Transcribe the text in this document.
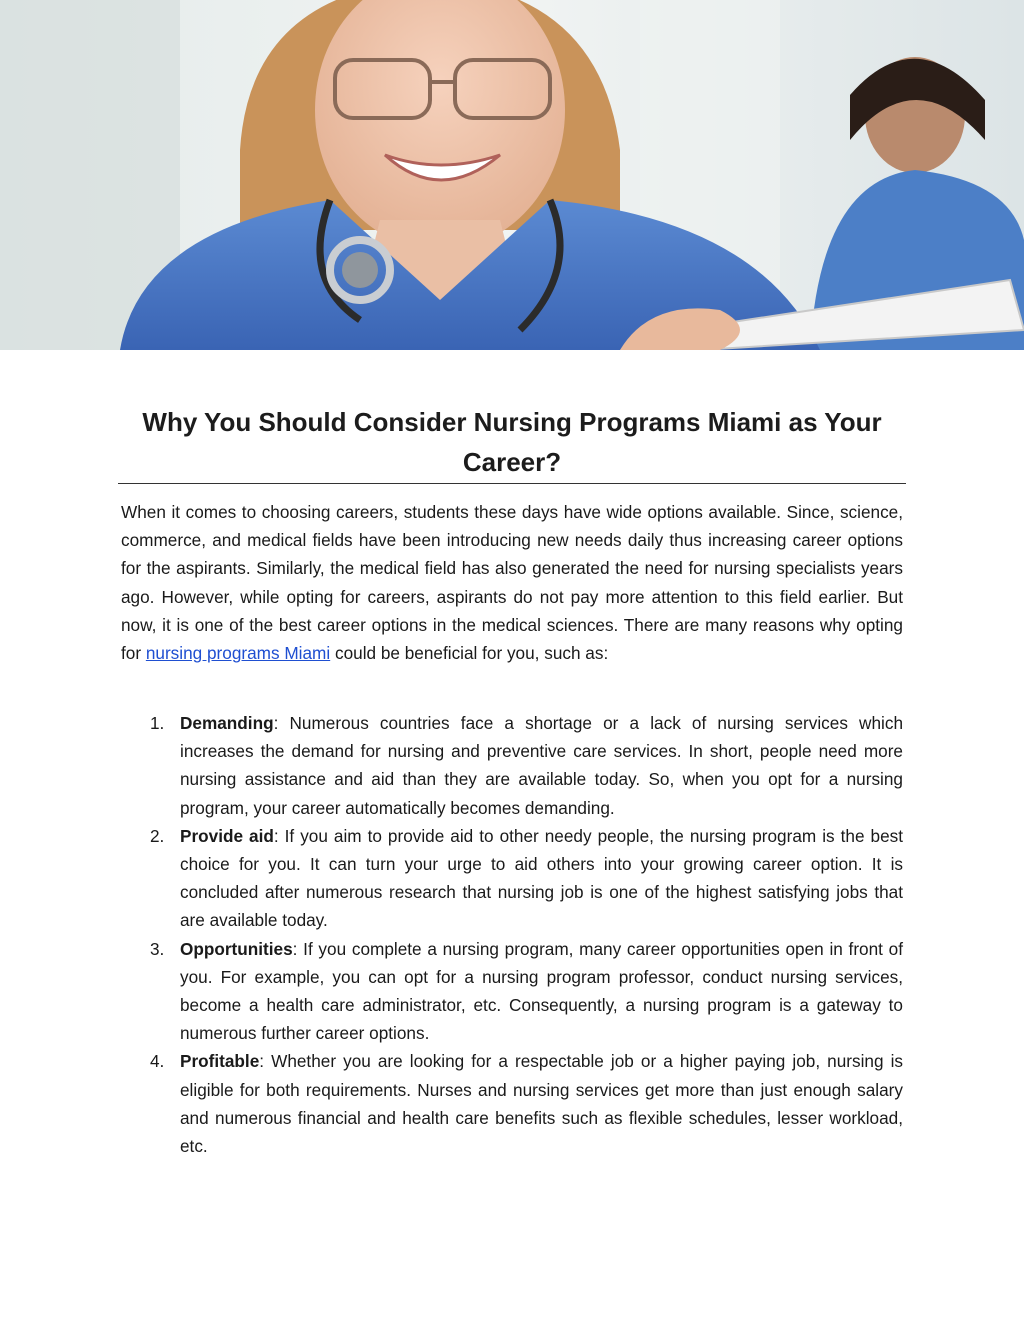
Why You Should Consider Nursing Programs Miami as Your Career?

When it comes to choosing careers, students these days have wide options available. Since, science, commerce, and medical fields have been introducing new needs daily thus increasing career options for the aspirants. Similarly, the medical field has also generated the need for nursing specialists years ago. However, while opting for careers, aspirants do not pay more attention to this field earlier. But now, it is one of the best career options in the medical sciences. There are many reasons why opting for nursing programs Miami could be beneficial for you, such as:

1. Demanding: Numerous countries face a shortage or a lack of nursing services which increases the demand for nursing and preventive care services. In short, people need more nursing assistance and aid than they are available today. So, when you opt for a nursing program, your career automatically becomes demanding.
2. Provide aid: If you aim to provide aid to other needy people, the nursing program is the best choice for you. It can turn your urge to aid others into your growing career option. It is concluded after numerous research that nursing job is one of the highest satisfying jobs that are available today.
3. Opportunities: If you complete a nursing program, many career opportunities open in front of you. For example, you can opt for a nursing program professor, conduct nursing services, become a health care administrator, etc. Consequently, a nursing program is a gateway to numerous further career options.
4. Profitable: Whether you are looking for a respectable job or a higher paying job, nursing is eligible for both requirements. Nurses and nursing services get more than just enough salary and numerous financial and health care benefits such as flexible schedules, lesser workload, etc.
